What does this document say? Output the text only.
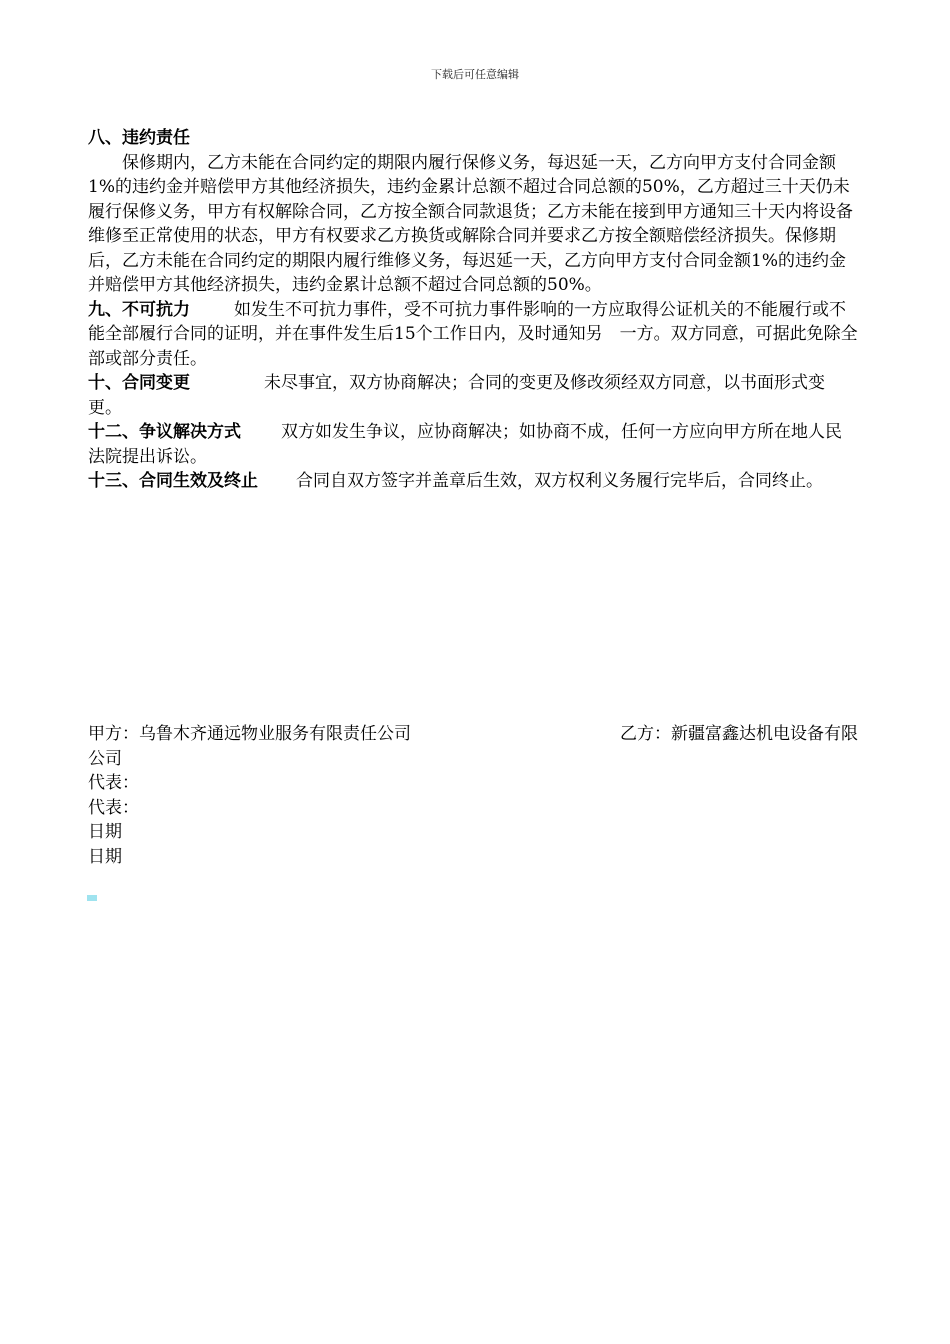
下载后可任意编辑

八、违约责任

保修期内，乙方未能在合同约定的期限内履行保修义务，每迟延一天，乙方向甲方支付合同金额1%的违约金并赔偿甲方其他经济损失，违约金累计总额不超过合同总额的50%，乙方超过三十天仍未履行保修义务，甲方有权解除合同，乙方按全额合同款退货；乙方未能在接到甲方通知三十天内将设备维修至正常使用的状态，甲方有权要求乙方换货或解除合同并要求乙方按全额赔偿经济损失。保修期后，乙方未能在合同约定的期限内履行维修义务，每迟延一天，乙方向甲方支付合同金额1%的违约金并赔偿甲方其他经济损失，违约金累计总额不超过合同总额的50%。

九、不可抗力	如发生不可抗力事件，受不可抗力事件影响的一方应取得公证机关的不能履行或不能全部履行合同的证明，并在事件发生后15个工作日内，及时通知另　一方。双方同意，可据此免除全部或部分责任。

十、合同变更	未尽事宜，双方协商解决；合同的变更及修改须经双方同意，以书面形式变更。

十二、争议解决方式 双方如发生争议，应协商解决；如协商不成，任何一方应向甲方所在地人民法院提出诉讼。

十三、合同生效及终止 合同自双方签字并盖章后生效，双方权利义务履行完毕后，合同终止。

甲方：乌鲁木齐通远物业服务有限责任公司	乙方：新疆富鑫达机电设备有限
公司
代表：
代表：
日期
日期
